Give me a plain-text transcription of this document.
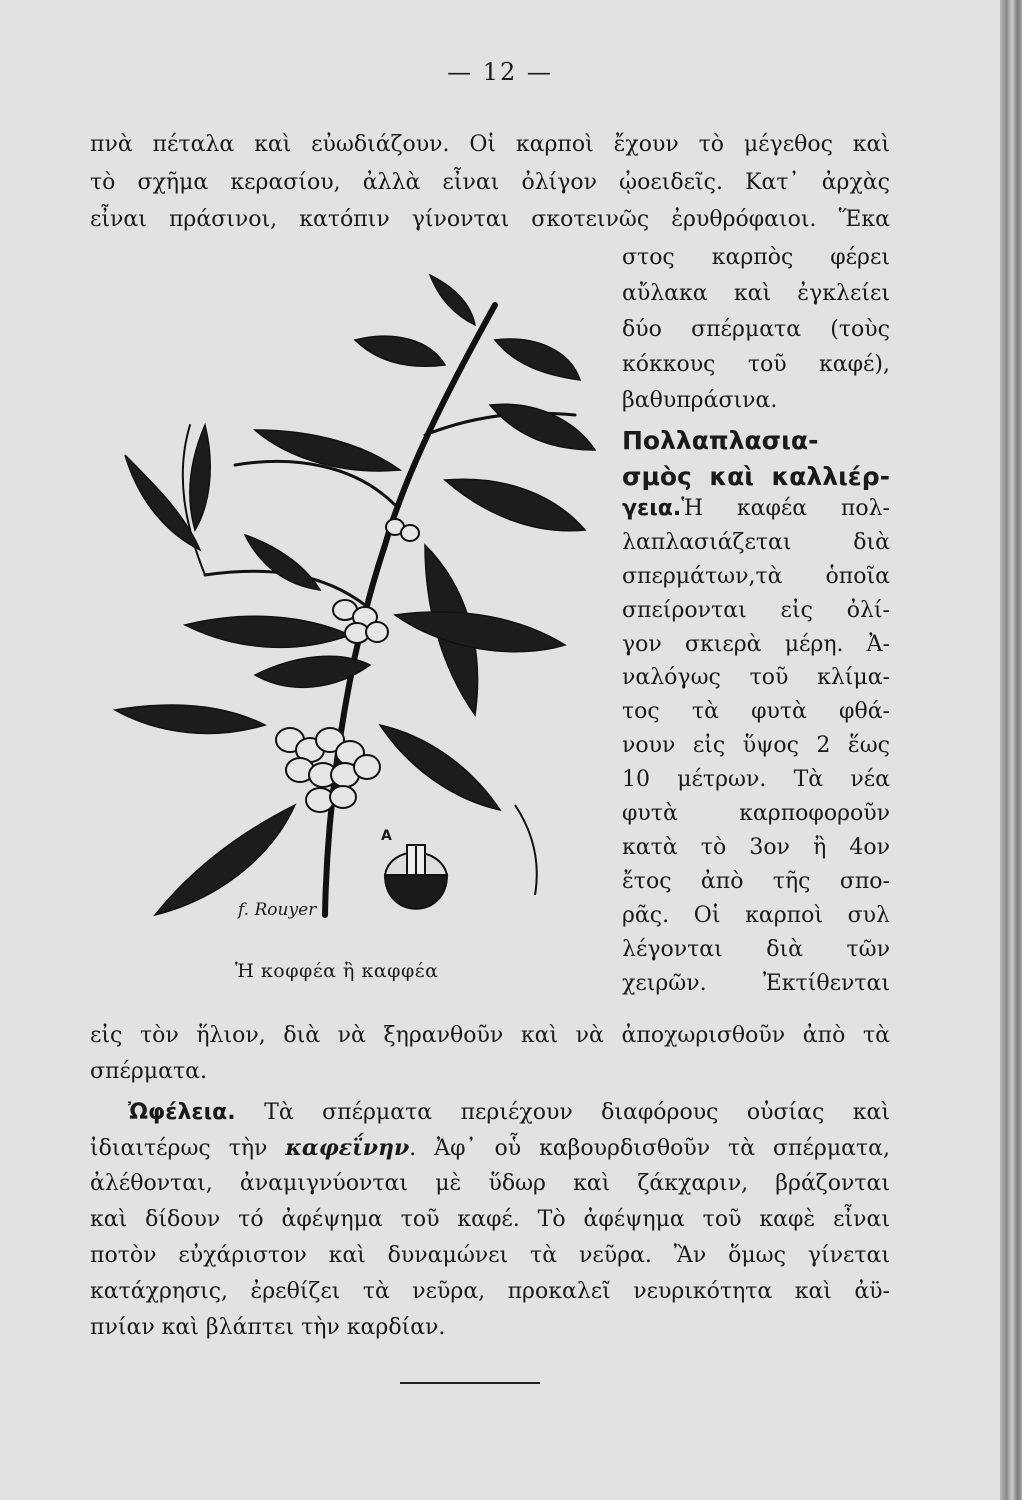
— 12 —
πνὰ πέταλα καὶ εὐωδιάζουν. Οἱ καρποὶ ἔχουν τὸ μέγεθος καὶ
τὸ σχῆμα κερασίου, ἀλλὰ εἶναι ὀλίγον ᾠοειδεῖς. Κατ᾽ ἀρχὰς
εἶναι πράσινοι, κατόπιν γίνονται σκοτεινῶς ἐρυθρόφαιοι. Ἕκα
στος καρπὸς φέρει
αὔλακα καὶ ἐγκλείει
δύο σπέρματα (τοὺς
κόκκους τοῦ καφέ),
βαθυπράσινα.
Πολλαπλασια-
σμὸς καὶ καλλιέρ-
γεια.Ἡ καφέα πολ-
λαπλασιάζεται διὰ
σπερμάτων,τὰ ὁποῖα
σπείρονται εἰς ὀλί-
γον σκιερὰ μέρη. Ἀ-
ναλόγως τοῦ κλίμα-
τος τὰ φυτὰ φθά-
νουν εἰς ὕψος 2 ἕως
10 μέτρων. Τὰ νέα
φυτὰ καρποφοροῦν
κατὰ τὸ 3ον ἢ 4ον
ἔτος ἀπὸ τῆς σπο-
ρᾶς. Οἱ καρποὶ συλ
λέγονται διὰ τῶν
χειρῶν. Ἐκτίθενται
εἰς τὸν ἥλιον, διὰ νὰ ξηρανθοῦν καὶ νὰ ἀποχωρισθοῦν ἀπὸ τὰ
σπέρματα.
Ὠφέλεια. Τὰ σπέρματα περιέχουν διαφόρους οὐσίας καὶ
ἰδιαιτέρως τὴν καφεΐνην. Ἀφ᾽ οὗ καβουρδισθοῦν τὰ σπέρματα,
ἀλέθονται, ἀναμιγνύονται μὲ ὕδωρ καὶ ζάκχαριν, βράζονται
καὶ δίδουν τό ἀφέψημα τοῦ καφέ. Τὸ ἀφέψημα τοῦ καφὲ εἶναι
ποτὸν εὐχάριστον καὶ δυναμώνει τὰ νεῦρα. Ἂν ὅμως γίνεται
κατάχρησις, ἐρεθίζει τὰ νεῦρα, προκαλεῖ νευρικότητα καὶ ἀϋ-
πνίαν καὶ βλάπτει τὴν καρδίαν.
A
f. Rouyer
Ἡ κοφφέα ἢ καφφέα
